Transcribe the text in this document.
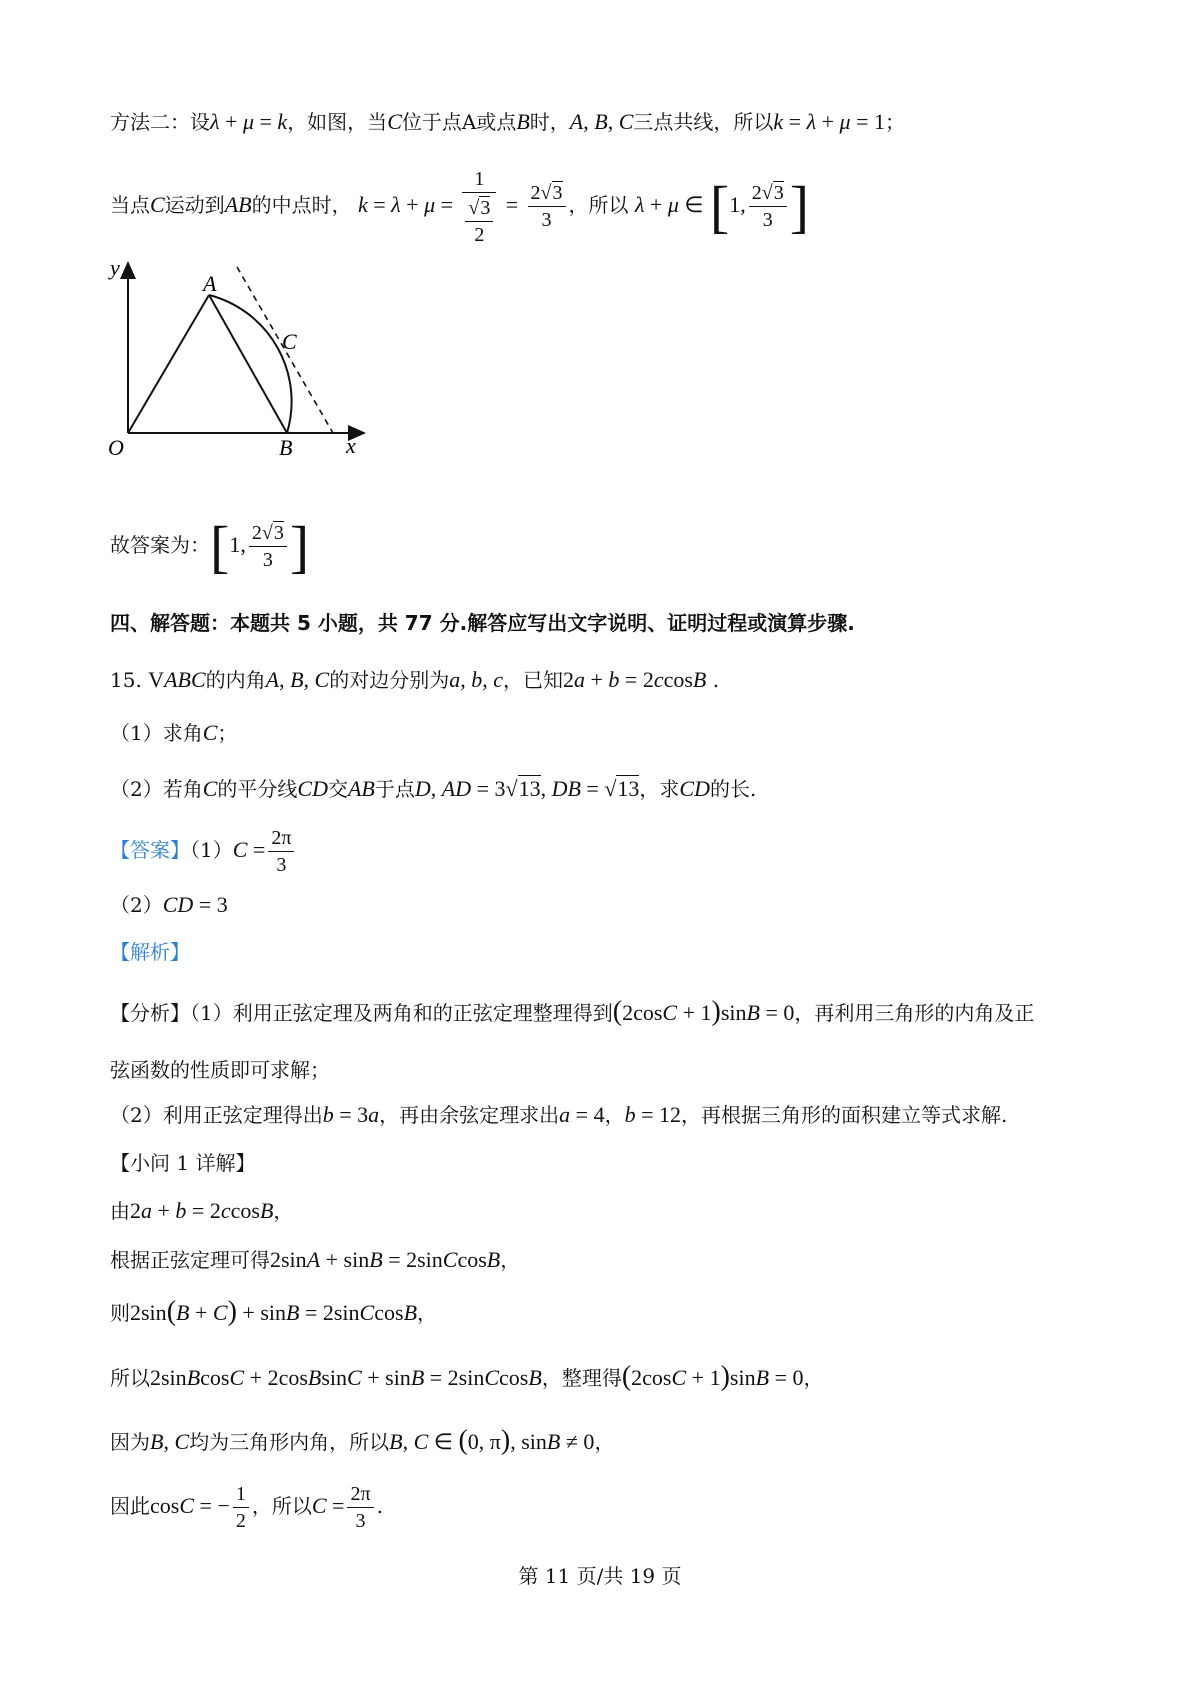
方法二：设λ + μ = k，如图，当C位于点A或点B时，A, B, C三点共线，所以k = λ + μ = 1；
当点C运动到AB的中点时， $k = \lambda + \mu = \frac{1}{\frac{√3}{2}} = \frac{2√3}{3}$ ，所以 λ + μ ∈ [1, $\frac{2√3}{3}$ ]
y
x
O
A
B
C
故答案为：[1, $\frac{2√3}{3}$ ]
四、解答题：本题共 5 小题，共 77 分.解答应写出文字说明、证明过程或演算步骤.
15. VABC的内角A, B, C的对边分别为a, b, c，已知2a + b = 2ccosB .
（1）求角C；
（2）若角C的平分线CD交AB于点D, AD = 3√13, DB = √13，求CD的长.
【答案】$(1)C = \frac{2\pi}{3}$
（2）CD = 3
【解析】
【分析】（1）利用正弦定理及两角和的正弦定理整理得到(2cosC + 1)sinB = 0，再利用三角形的内角及正
弦函数的性质即可求解；
（2）利用正弦定理得出b = 3a，再由余弦定理求出a = 4，b = 12，再根据三角形的面积建立等式求解.
【小问 1 详解】
由2a + b = 2ccosB，
根据正弦定理可得2sinA + sinB = 2sinCcosB，
则2sin(B + C) + sinB = 2sinCcosB，
所以2sinBcosC + 2cosBsinC + sinB = 2sinCcosB，整理得(2cosC + 1)sinB = 0，
因为B, C均为三角形内角，所以B, C ∈ (0, π), sinB ≠ 0，
因此cosC = − $\frac{1}{2}$ ，所以$C = \frac{2\pi}{3}$ .
第 11 页/共 19 页
